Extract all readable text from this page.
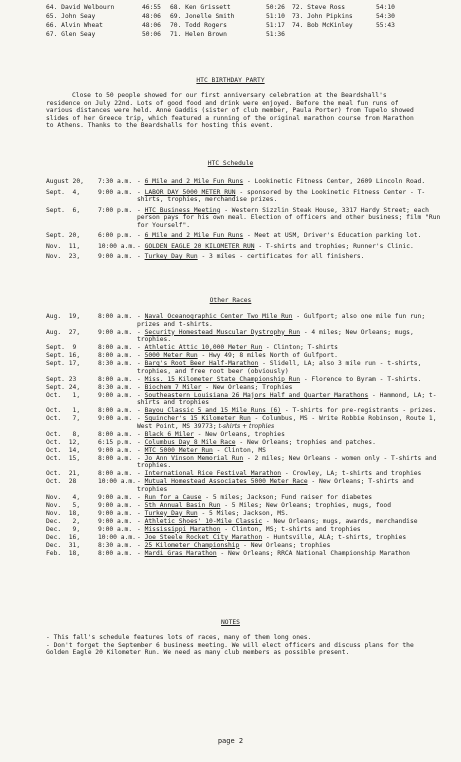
64. David Welbourn	46:55 68. Ken Grissett	50:26 72. Steve Ross	54:10
65. John Seay	48:06 69. Jonelle Smith	51:10 73. John Pipkins	54:30
66. Alvin Wheat	48:06 70. Todd Rogers	51:17 74. Bob McKinley	55:43
67. Glen Seay	50:06 71. Helen Brown	51:36
HTC BIRTHDAY PARTY

Close to 50 people showed for our first anniversary celebration at the Beardshall's residence on July 22nd. Lots of good food and drink were enjoyed. Before the meal fun runs of various distances were held. Anne Gaddis (sister of club member, Paula Porter) from Tupelo showed slides of her Greece trip, which featured a running of the original marathon course from Marathon to Athens. Thanks to the Beardshalls for hosting this event.

HTC Schedule
August 20, 7:30 a.m. - 6 Mile and 2 Mile Fun Runs - Lookinetic Fitness Center, 2609 Lincoln Road.
Sept.  4,	9:00 a.m. - LABOR DAY 5000 METER RUN - sponsored by the Lookinetic Fitness Center - T-shirts, trophies, merchandise prizes.
Sept.  6,	7:00 p.m. - HTC Business Meeting - Western Sizzlin Steak House, 3317 Hardy Street; each person pays for his own meal. Election of officers and other business; film "Run for Yourself".
Sept. 20,	6:00 p.m. - 6 Mile and 2 Mile Fun Runs - Meet at USM, Driver's Education parking lot.
Nov.  11,	10:00 a.m. - GOLDEN EAGLE 20 KILOMETER RUN - T-shirts and trophies; Runner's Clinic.
Nov.  23,	9:00 a.m. - Turkey Day Run - 3 miles - certificates for all finishers.
Other Races
Aug.  19,	8:00 a.m. - Naval Oceanographic Center Two Mile Run - Gulfport; also one mile fun run; prizes and t-shirts.
Aug.  27,	9:00 a.m. - Security Homestead Muscular Dystrophy Run - 4 miles; New Orleans; mugs, trophies.
Sept.  9	8:00 a.m. - Athletic Attic 10,000 Meter Run - Clinton; T-shirts
Sept. 16,	8:00 a.m. - 5000 Meter Run - Hwy 49; 8 miles North of Gulfport.
Sept. 17,	8:30 a.m. - Barq's Root Beer Half-Marathon - Slidell, LA; also 3 mile run - t-shirts, trophies, and free root beer (obviously)
Sept. 23	8:00 a.m. - Miss. 15 Kilometer State Championship Run - Florence to Byram - T-shirts.
Sept. 24,	8:30 a.m. - Biochem 7 Miler - New Orleans; Trophies
Oct.   1,	9:00 a.m. - Southeastern Louisiana 26 Majors Half and Quarter Marathons - Hammond, LA; t-shirts and trophies
Oct.   1,	8:00 a.m. - Bayou Classic 5 and 15 Mile Runs (6) - T-shirts for pre-registrants - prizes.
Oct.   7,	9:00 a.m. - Squincher's 15 Kilometer Run - Columbus, MS - Write Robbie Robinson, Route 1, West Point, MS 39773; t-shirts + trophies
Oct.   8,	8:00 a.m. - Black 6 Miler - New Orleans, trophies
Oct.  12,	6:15 p.m. - Columbus Day 8 Mile Race - New Orleans; trophies and patches.
Oct.  14,	9:00 a.m. - MTC 5000 Meter Run - Clinton, MS
Oct.  15,	8:00 a.m. - Jo Ann Vinson Memorial Run - 2 miles; New Orleans - women only - T-shirts and trophies.
Oct.  21,	8:00 a.m. - International Rice Festival Marathon - Crowley, LA; t-shirts and trophies
Oct.  28	10:00 a.m. - Mutual Homestead Associates 5000 Meter Race - New Orleans; T-shirts and trophies
Nov.   4,	9:00 a.m. - Run for a Cause - 5 miles; Jackson; Fund raiser for diabetes
Nov.   5,	9:00 a.m. - 5th Annual Basin Run - 5 Miles; New Orleans; trophies, mugs, food
Nov.  18,	9:00 a.m. - Turkey Day Run - 5 Miles; Jackson, MS.
Dec.   2,	9:00 a.m. - Athletic Shoes' 10-Mile Classic - New Orleans; mugs, awards, merchandise
Dec.   9,	9:00 a.m. - Mississippi Marathon - Clinton, MS; t-shirts and trophies
Dec.  16,	10:00 a.m. - Joe Steele Rocket City Marathon - Huntsville, ALA; t-shirts, trophies
Dec.  31,	8:30 a.m. - 25 Kilometer Championship - New Orleans; trophies
Feb.  18,	8:00 a.m. - Mardi Gras Marathon - New Orleans; RRCA National Championship Marathon
NOTES
- This fall's schedule features lots of races, many of them long ones.
- Don't forget the September 6 business meeting. We will elect officers and discuss plans for the Golden Eagle 20 Kilometer Run. We need as many club members as possible present.
page 2
